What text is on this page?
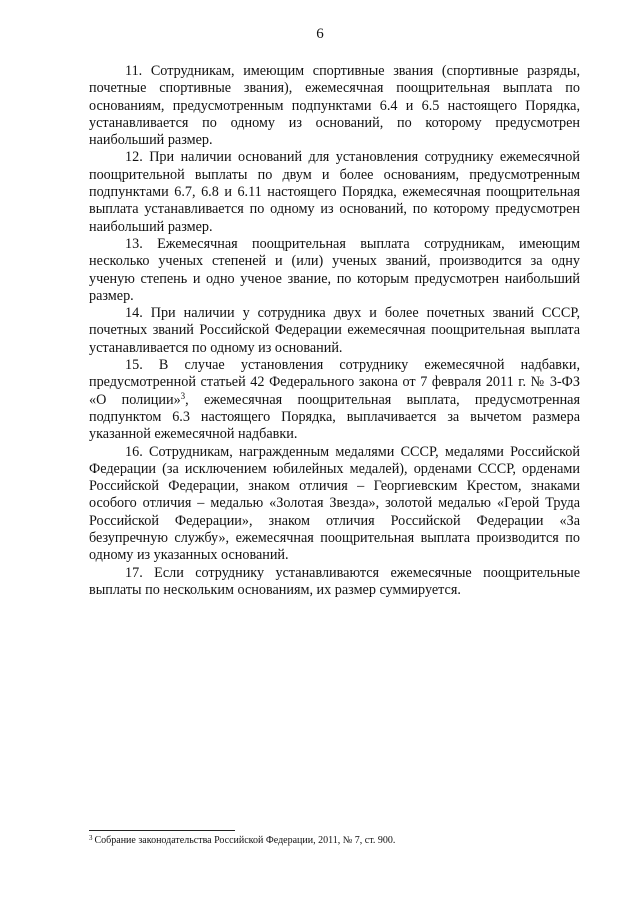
6

11. Сотрудникам, имеющим спортивные звания (спортивные разряды, почетные спортивные звания), ежемесячная поощрительная выплата по основаниям, предусмотренным подпунктами 6.4 и 6.5 настоящего Порядка, устанавливается по одному из оснований, по которому предусмотрен наибольший размер.

12. При наличии оснований для установления сотруднику ежемесячной поощрительной выплаты по двум и более основаниям, предусмотренным подпунктами 6.7, 6.8 и 6.11 настоящего Порядка, ежемесячная поощрительная выплата устанавливается по одному из оснований, по которому предусмотрен наибольший размер.

13. Ежемесячная поощрительная выплата сотрудникам, имеющим несколько ученых степеней и (или) ученых званий, производится за одну ученую степень и одно ученое звание, по которым предусмотрен наибольший размер.

14. При наличии у сотрудника двух и более почетных званий СССР, почетных званий Российской Федерации ежемесячная поощрительная выплата устанавливается по одному из оснований.

15. В случае установления сотруднику ежемесячной надбавки, предусмотренной статьей 42 Федерального закона от 7 февраля 2011 г. № 3-ФЗ «О полиции»$^3$, ежемесячная поощрительная выплата, предусмотренная подпунктом 6.3 настоящего Порядка, выплачивается за вычетом размера указанной ежемесячной надбавки.

16. Сотрудникам, награжденным медалями СССР, медалями Российской Федерации (за исключением юбилейных медалей), орденами СССР, орденами Российской Федерации, знаком отличия – Георгиевским Крестом, знаками особого отличия – медалью «Золотая Звезда», золотой медалью «Герой Труда Российской Федерации», знаком отличия Российской Федерации «За безупречную службу», ежемесячная поощрительная выплата производится по одному из указанных оснований.

17. Если сотруднику устанавливаются ежемесячные поощрительные выплаты по нескольким основаниям, их размер суммируется.

$^3$ Собрание законодательства Российской Федерации, 2011, № 7, ст. 900.
